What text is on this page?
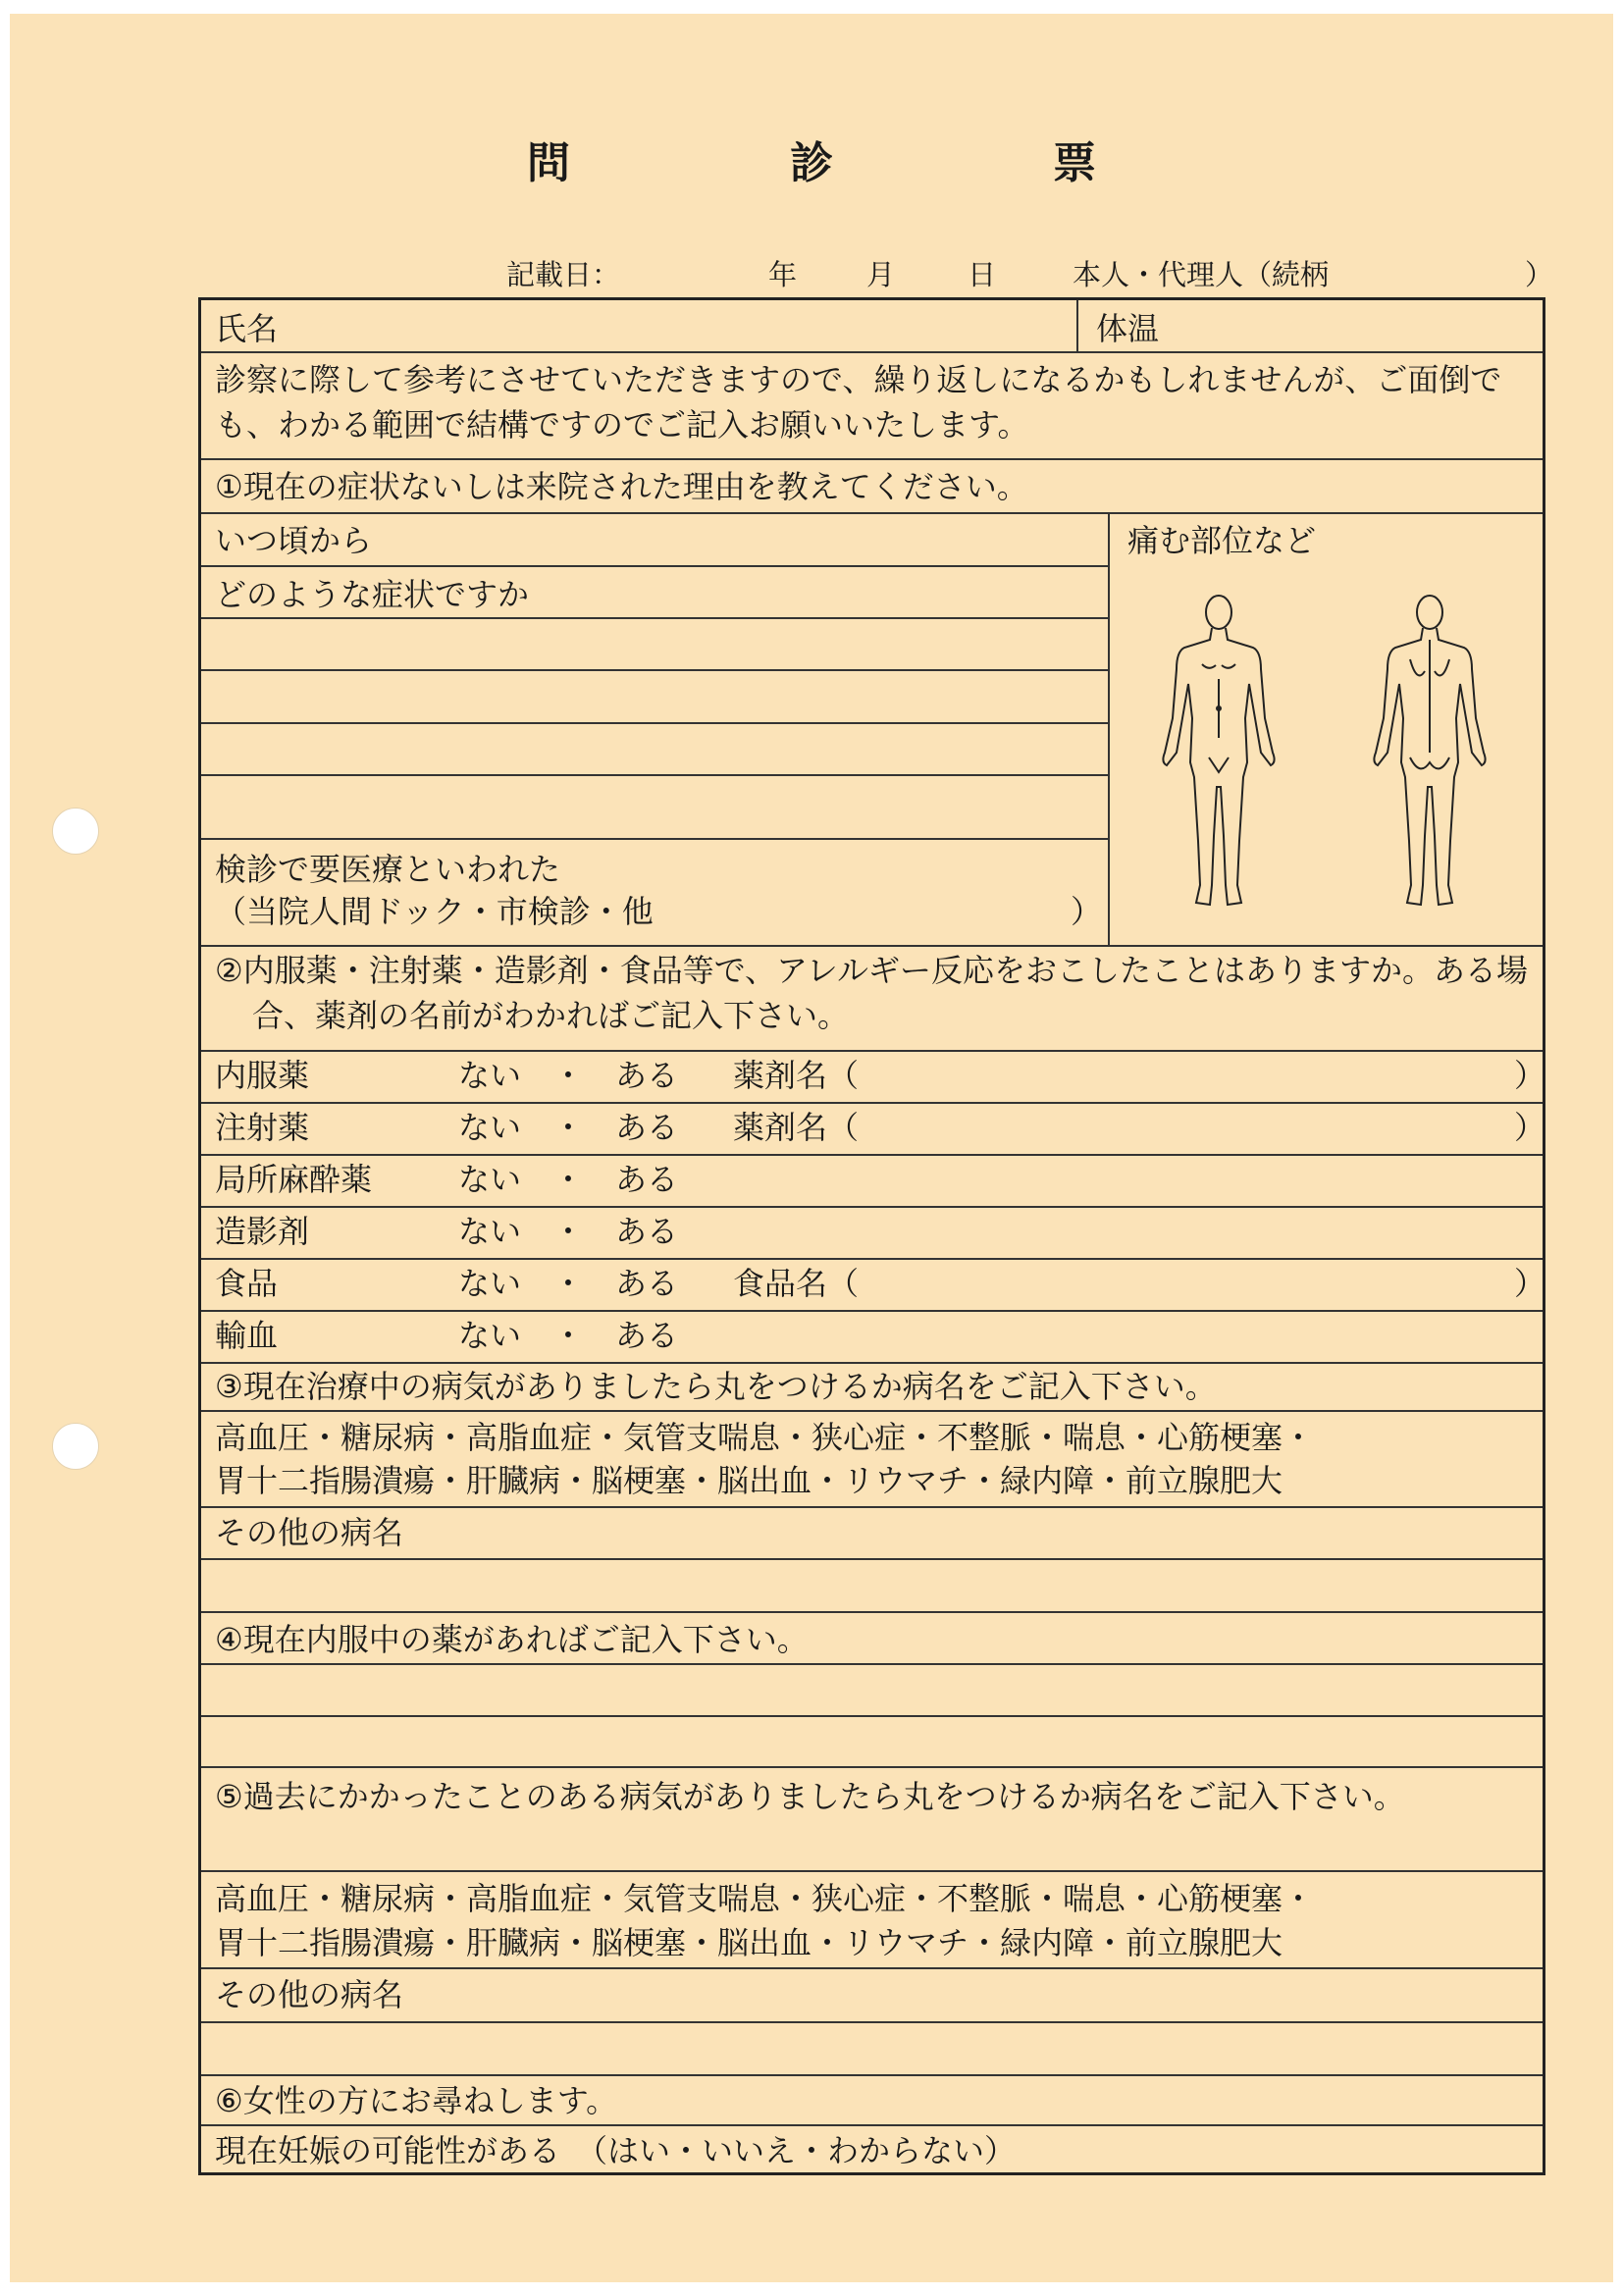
問　診　票
記載日：	年 月	日	本人・代理人（続柄	）
氏名	体温
診察に際して参考にさせていただきますので、繰り返しになるかもしれませんが、ご面倒でも、わかる範囲で結構ですのでご記入お願いいたします。
①現在の症状ないしは来院された理由を教えてください。
いつ頃から
どのような症状ですか
検診で要医療といわれた
（当院人間ドック・市検診・他	）
痛む部位など
②内服薬・注射薬・造影剤・食品等で、アレルギー反応をおこしたことはありますか。ある場合、薬剤の名前がわかればご記入下さい。
内服薬	ない　・　ある 薬剤名（	）
注射薬	ない　・　ある 薬剤名（	）
局所麻酔薬	ない　・　ある
造影剤	ない　・　ある
食品	ない　・　ある 食品名（	）
輸血	ない　・　ある
③現在治療中の病気がありましたら丸をつけるか病名をご記入下さい。
高血圧・糖尿病・高脂血症・気管支喘息・狭心症・不整脈・喘息・心筋梗塞・
胃十二指腸潰瘍・肝臓病・脳梗塞・脳出血・リウマチ・緑内障・前立腺肥大
その他の病名
④現在内服中の薬があればご記入下さい。
⑤過去にかかったことのある病気がありましたら丸をつけるか病名をご記入下さい。
高血圧・糖尿病・高脂血症・気管支喘息・狭心症・不整脈・喘息・心筋梗塞・
胃十二指腸潰瘍・肝臓病・脳梗塞・脳出血・リウマチ・緑内障・前立腺肥大
その他の病名
⑥女性の方にお尋ねします。
現在妊娠の可能性がある　（はい・いいえ・わからない）
